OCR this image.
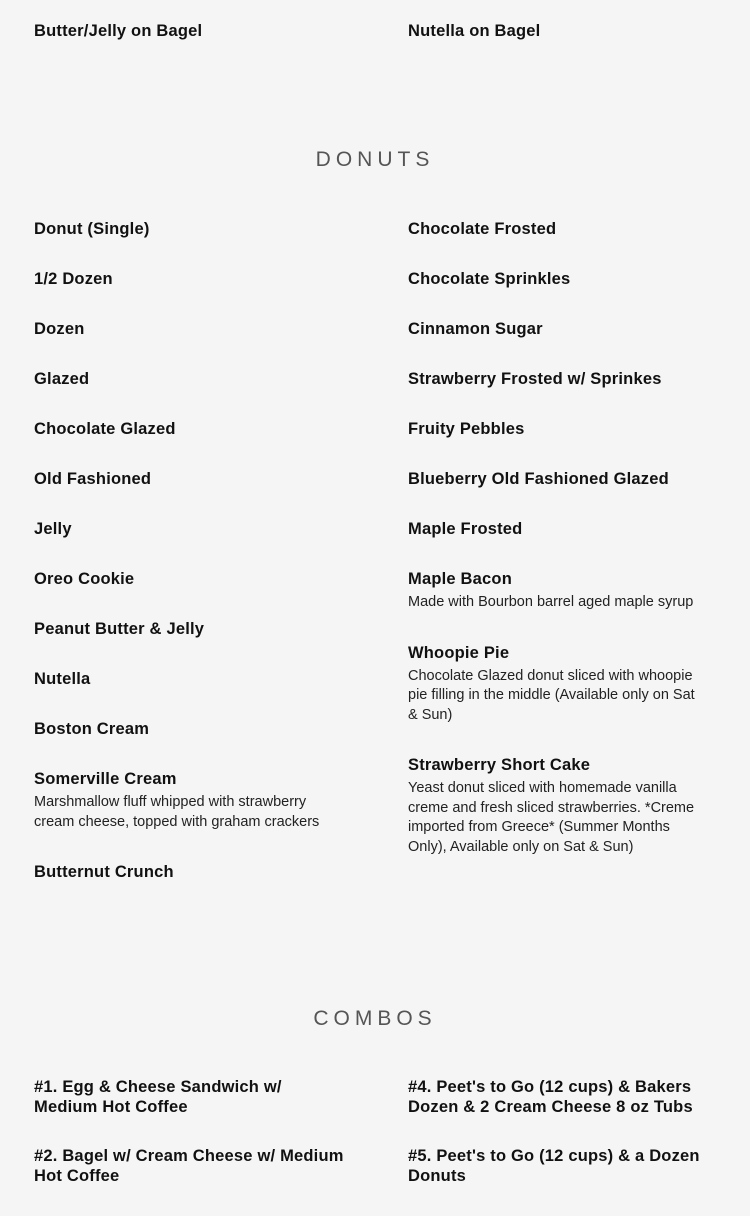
Butter/Jelly on Bagel	Nutella on Bagel
DONUTS
Donut (Single)
1/2 Dozen
Dozen
Glazed
Chocolate Glazed
Old Fashioned
Jelly
Oreo Cookie
Peanut Butter & Jelly
Nutella
Boston Cream
Somerville Cream
Marshmallow fluff whipped with strawberry cream cheese, topped with graham crackers
Butternut Crunch
Chocolate Frosted
Chocolate Sprinkles
Cinnamon Sugar
Strawberry Frosted w/ Sprinkes
Fruity Pebbles
Blueberry Old Fashioned Glazed
Maple Frosted
Maple Bacon
Made with Bourbon barrel aged maple syrup
Whoopie Pie
Chocolate Glazed donut sliced with whoopie pie filling in the middle (Available only on Sat & Sun)
Strawberry Short Cake
Yeast donut sliced with homemade vanilla creme and fresh sliced strawberries. *Creme imported from Greece* (Summer Months Only), Available only on Sat & Sun)
COMBOS
#1. Egg & Cheese Sandwich w/ Medium Hot Coffee
#2. Bagel w/ Cream Cheese w/ Medium Hot Coffee
#4. Peet's to Go (12 cups) & Bakers Dozen & 2 Cream Cheese 8 oz Tubs
#5. Peet's to Go (12 cups) & a Dozen Donuts
